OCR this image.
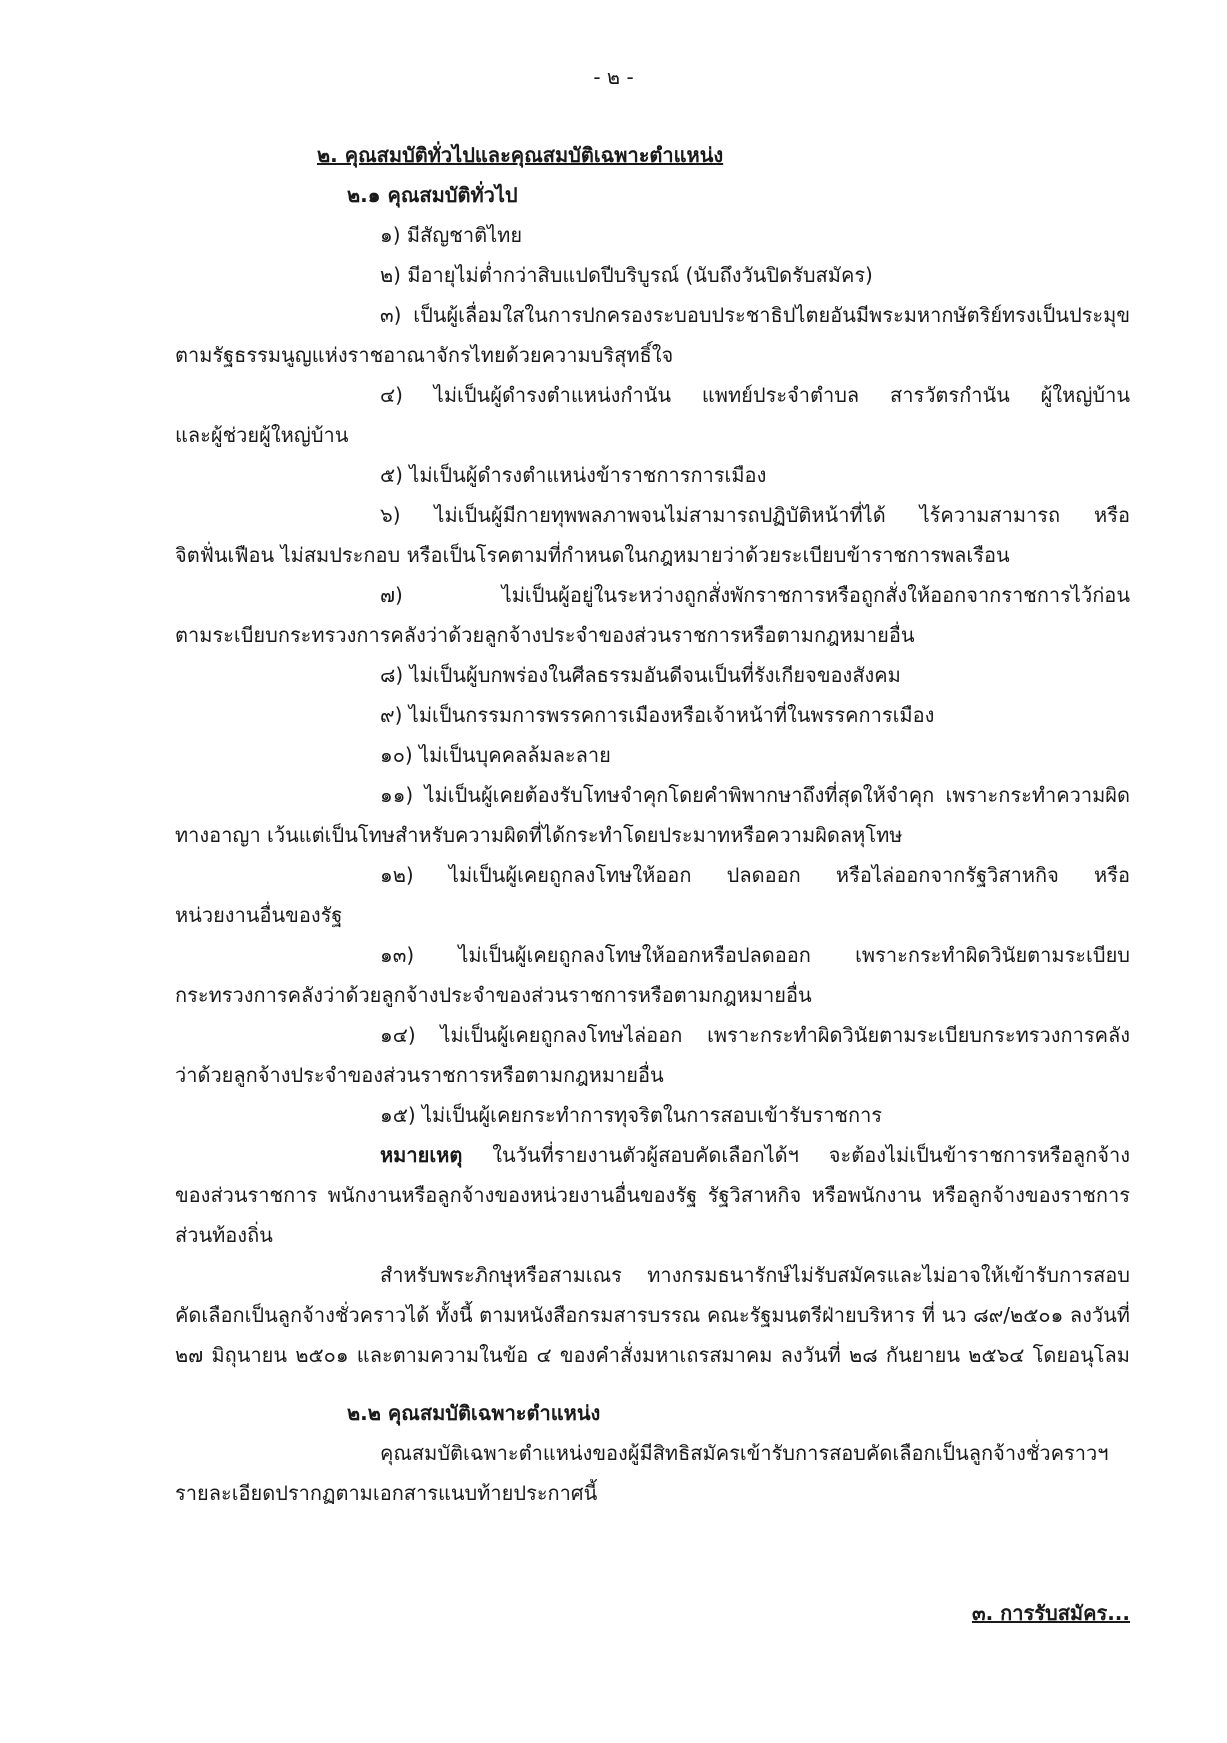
- ๒ -
๒. คุณสมบัติทั่วไปและคุณสมบัติเฉพาะตำแหน่ง
๒.๑ คุณสมบัติทั่วไป
๑) มีสัญชาติไทย
๒) มีอายุไม่ต่ำกว่าสิบแปดปีบริบูรณ์ (นับถึงวันปิดรับสมัคร)
๓) เป็นผู้เลื่อมใสในการปกครองระบอบประชาธิปไตยอันมีพระมหากษัตริย์ทรงเป็นประมุข
ตามรัฐธรรมนูญแห่งราชอาณาจักรไทยด้วยความบริสุทธิ์ใจ
๔) ไม่เป็นผู้ดำรงตำแหน่งกำนัน แพทย์ประจำตำบล สารวัตรกำนัน ผู้ใหญ่บ้าน
และผู้ช่วยผู้ใหญ่บ้าน
๕) ไม่เป็นผู้ดำรงตำแหน่งข้าราชการการเมือง
๖) ไม่เป็นผู้มีกายทุพพลภาพจนไม่สามารถปฏิบัติหน้าที่ได้ ไร้ความสามารถ หรือ
จิตฟั่นเฟือน ไม่สมประกอบ หรือเป็นโรคตามที่กำหนดในกฎหมายว่าด้วยระเบียบข้าราชการพลเรือน
๗) ไม่เป็นผู้อยู่ในระหว่างถูกสั่งพักราชการหรือถูกสั่งให้ออกจากราชการไว้ก่อน
ตามระเบียบกระทรวงการคลังว่าด้วยลูกจ้างประจำของส่วนราชการหรือตามกฎหมายอื่น
๘) ไม่เป็นผู้บกพร่องในศีลธรรมอันดีจนเป็นที่รังเกียจของสังคม
๙) ไม่เป็นกรรมการพรรคการเมืองหรือเจ้าหน้าที่ในพรรคการเมือง
๑๐) ไม่เป็นบุคคลล้มละลาย
๑๑) ไม่เป็นผู้เคยต้องรับโทษจำคุกโดยคำพิพากษาถึงที่สุดให้จำคุก เพราะกระทำความผิด
ทางอาญา เว้นแต่เป็นโทษสำหรับความผิดที่ได้กระทำโดยประมาทหรือความผิดลหุโทษ
๑๒) ไม่เป็นผู้เคยถูกลงโทษให้ออก ปลดออก หรือไล่ออกจากรัฐวิสาหกิจ หรือ
หน่วยงานอื่นของรัฐ
๑๓) ไม่เป็นผู้เคยถูกลงโทษให้ออกหรือปลดออก เพราะกระทำผิดวินัยตามระเบียบ
กระทรวงการคลังว่าด้วยลูกจ้างประจำของส่วนราชการหรือตามกฎหมายอื่น
๑๔) ไม่เป็นผู้เคยถูกลงโทษไล่ออก เพราะกระทำผิดวินัยตามระเบียบกระทรวงการคลัง
ว่าด้วยลูกจ้างประจำของส่วนราชการหรือตามกฎหมายอื่น
๑๕) ไม่เป็นผู้เคยกระทำการทุจริตในการสอบเข้ารับราชการ
หมายเหตุ ในวันที่รายงานตัวผู้สอบคัดเลือกได้ฯ จะต้องไม่เป็นข้าราชการหรือลูกจ้าง
ของส่วนราชการ พนักงานหรือลูกจ้างของหน่วยงานอื่นของรัฐ รัฐวิสาหกิจ หรือพนักงาน หรือลูกจ้างของราชการ
ส่วนท้องถิ่น
สำหรับพระภิกษุหรือสามเณร ทางกรมธนารักษ์ไม่รับสมัครและไม่อาจให้เข้ารับการสอบ
คัดเลือกเป็นลูกจ้างชั่วคราวได้ ทั้งนี้ ตามหนังสือกรมสารบรรณ คณะรัฐมนตรีฝ่ายบริหาร ที่ นว ๘๙/๒๕๐๑ ลงวันที่
๒๗ มิถุนายน ๒๕๐๑ และตามความในข้อ ๔ ของคำสั่งมหาเถรสมาคม ลงวันที่ ๒๘ กันยายน ๒๕๖๔ โดยอนุโลม
๒.๒ คุณสมบัติเฉพาะตำแหน่ง
คุณสมบัติเฉพาะตำแหน่งของผู้มีสิทธิสมัครเข้ารับการสอบคัดเลือกเป็นลูกจ้างชั่วคราวฯ
รายละเอียดปรากฏตามเอกสารแนบท้ายประกาศนี้
๓. การรับสมัคร...
